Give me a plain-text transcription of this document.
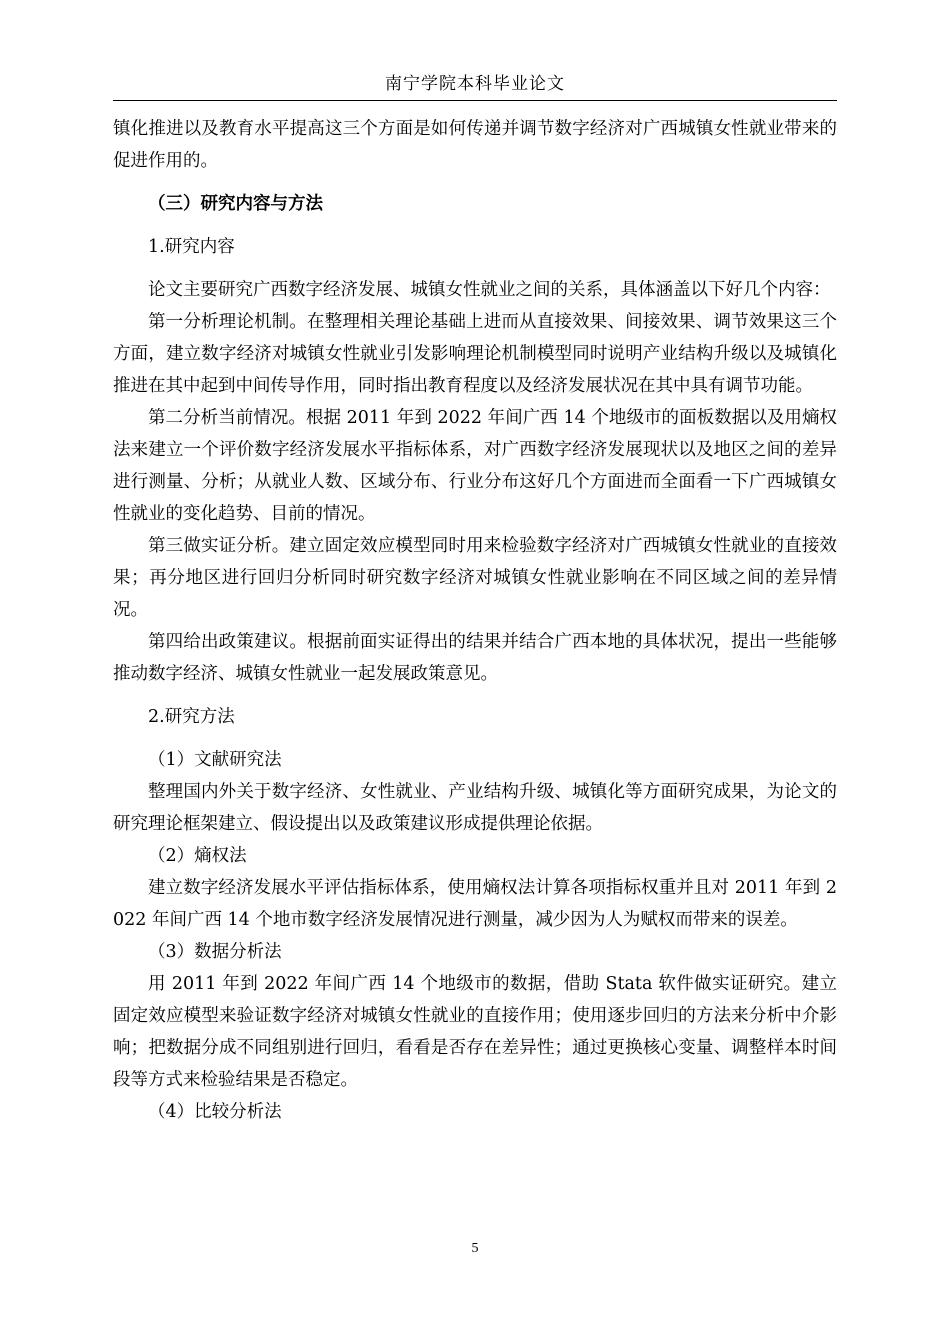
南宁学院本科毕业论文

镇化推进以及教育水平提高这三个方面是如何传递并调节数字经济对广西城镇女性就业带来的促进作用的。

（三）研究内容与方法

1.研究内容

论文主要研究广西数字经济发展、城镇女性就业之间的关系，具体涵盖以下好几个内容：

第一分析理论机制。在整理相关理论基础上进而从直接效果、间接效果、调节效果这三个方面，建立数字经济对城镇女性就业引发影响理论机制模型同时说明产业结构升级以及城镇化推进在其中起到中间传导作用，同时指出教育程度以及经济发展状况在其中具有调节功能。

第二分析当前情况。根据 2011 年到 2022 年间广西 14 个地级市的面板数据以及用熵权法来建立一个评价数字经济发展水平指标体系，对广西数字经济发展现状以及地区之间的差异进行测量、分析；从就业人数、区域分布、行业分布这好几个方面进而全面看一下广西城镇女性就业的变化趋势、目前的情况。

第三做实证分析。建立固定效应模型同时用来检验数字经济对广西城镇女性就业的直接效果；再分地区进行回归分析同时研究数字经济对城镇女性就业影响在不同区域之间的差异情况。

第四给出政策建议。根据前面实证得出的结果并结合广西本地的具体状况，提出一些能够推动数字经济、城镇女性就业一起发展政策意见。

2.研究方法

（1）文献研究法

整理国内外关于数字经济、女性就业、产业结构升级、城镇化等方面研究成果，为论文的研究理论框架建立、假设提出以及政策建议形成提供理论依据。

（2）熵权法

建立数字经济发展水平评估指标体系，使用熵权法计算各项指标权重并且对 2011 年到 2022 年间广西 14 个地市数字经济发展情况进行测量，减少因为人为赋权而带来的误差。

（3）数据分析法

用 2011 年到 2022 年间广西 14 个地级市的数据，借助 Stata 软件做实证研究。建立固定效应模型来验证数字经济对城镇女性就业的直接作用；使用逐步回归的方法来分析中介影响；把数据分成不同组别进行回归，看看是否存在差异性；通过更换核心变量、调整样本时间段等方式来检验结果是否稳定。

（4）比较分析法

5
